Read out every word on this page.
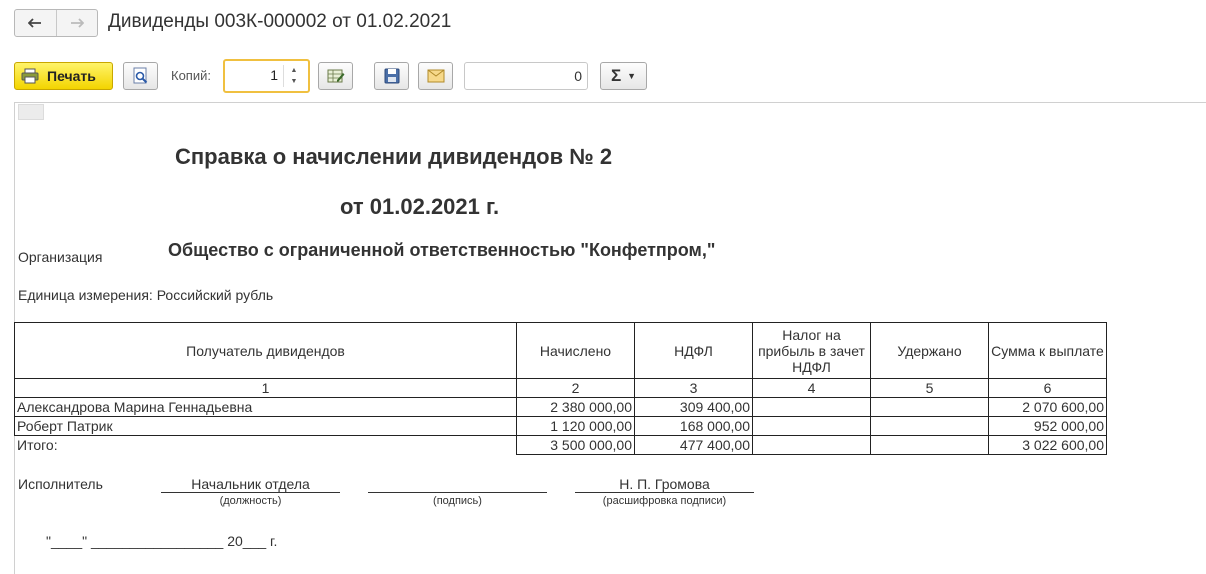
Дивиденды 003К-000002 от 01.02.2021
Печать	Копий:	1	▲
▼	0 Σ ▼
Справка о начислении дивидендов № 2
от 01.02.2021 г.
Организация	Общество с ограниченной ответственностью "Конфетпром,"
Единица измерения: Российский рубль
Получатель дивидендов	Начислено	НДФЛ	Налог на прибыль в зачет НДФЛ	Удержано	Сумма к выплате
1	2	3	4	5	6
Александрова Марина Геннадьевна	2 380 000,00	309 400,00			2 070 600,00
Роберт Патрик	1 120 000,00	168 000,00			952 000,00
Итого:	3 500 000,00	477 400,00			3 022 600,00
Исполнитель	Начальник отдела
(должность)	(подпись)
Н. П. Громова
(расшифровка подписи)
"____" _________________ 20___ г.
